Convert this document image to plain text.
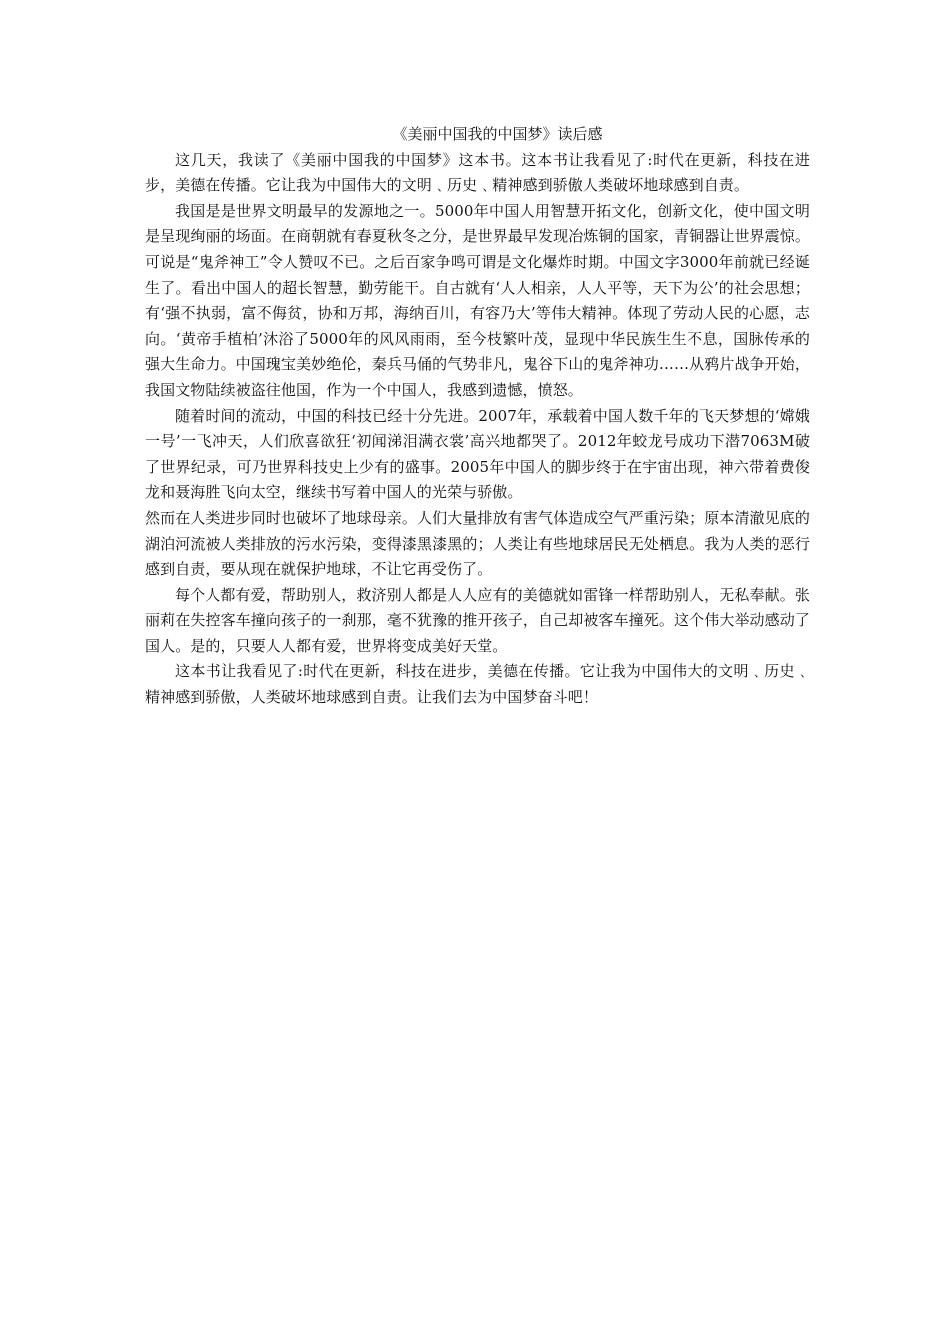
《美丽中国我的中国梦》读后感

这几天，我读了《美丽中国我的中国梦》这本书。这本书让我看见了:时代在更新，科技在进步，美德在传播。它让我为中国伟大的文明﹑历史﹑精神感到骄傲人类破坏地球感到自责。

我国是是世界文明最早的发源地之一。5000年中国人用智慧开拓文化，创新文化，使中国文明是呈现绚丽的场面。在商朝就有春夏秋冬之分，是世界最早发现冶炼铜的国家，青铜器让世界震惊。可说是“鬼斧神工”令人赞叹不已。之后百家争鸣可谓是文化爆炸时期。中国文字3000年前就已经诞生了。看出中国人的超长智慧，勤劳能干。自古就有‘人人相亲，人人平等，天下为公’的社会思想；有‘强不执弱，富不侮贫，协和万邦，海纳百川，有容乃大’等伟大精神。体现了劳动人民的心愿，志向。‘黄帝手植柏’沐浴了5000年的风风雨雨，至今枝繁叶茂，显现中华民族生生不息，国脉传承的强大生命力。中国瑰宝美妙绝伦，秦兵马俑的气势非凡，鬼谷下山的鬼斧神功……从鸦片战争开始，我国文物陆续被盗往他国，作为一个中国人，我感到遗憾，愤怒。

随着时间的流动，中国的科技已经十分先进。2007年，承载着中国人数千年的飞天梦想的‘嫦娥一号’一飞冲天，人们欣喜欲狂‘初闻涕泪满衣裳’高兴地都哭了。2012年蛟龙号成功下潜7063M破了世界纪录，可乃世界科技史上少有的盛事。2005年中国人的脚步终于在宇宙出现，神六带着费俊龙和聂海胜飞向太空，继续书写着中国人的光荣与骄傲。

然而在人类进步同时也破坏了地球母亲。人们大量排放有害气体造成空气严重污染；原本清澈见底的湖泊河流被人类排放的污水污染，变得漆黑漆黑的；人类让有些地球居民无处栖息。我为人类的恶行感到自责，要从现在就保护地球，不让它再受伤了。

每个人都有爱，帮助别人，救济别人都是人人应有的美德就如雷锋一样帮助别人，无私奉献。张丽莉在失控客车撞向孩子的一刹那，毫不犹豫的推开孩子，自己却被客车撞死。这个伟大举动感动了国人。是的，只要人人都有爱，世界将变成美好天堂。

这本书让我看见了:时代在更新，科技在进步，美德在传播。它让我为中国伟大的文明﹑历史﹑精神感到骄傲，人类破坏地球感到自责。让我们去为中国梦奋斗吧！
